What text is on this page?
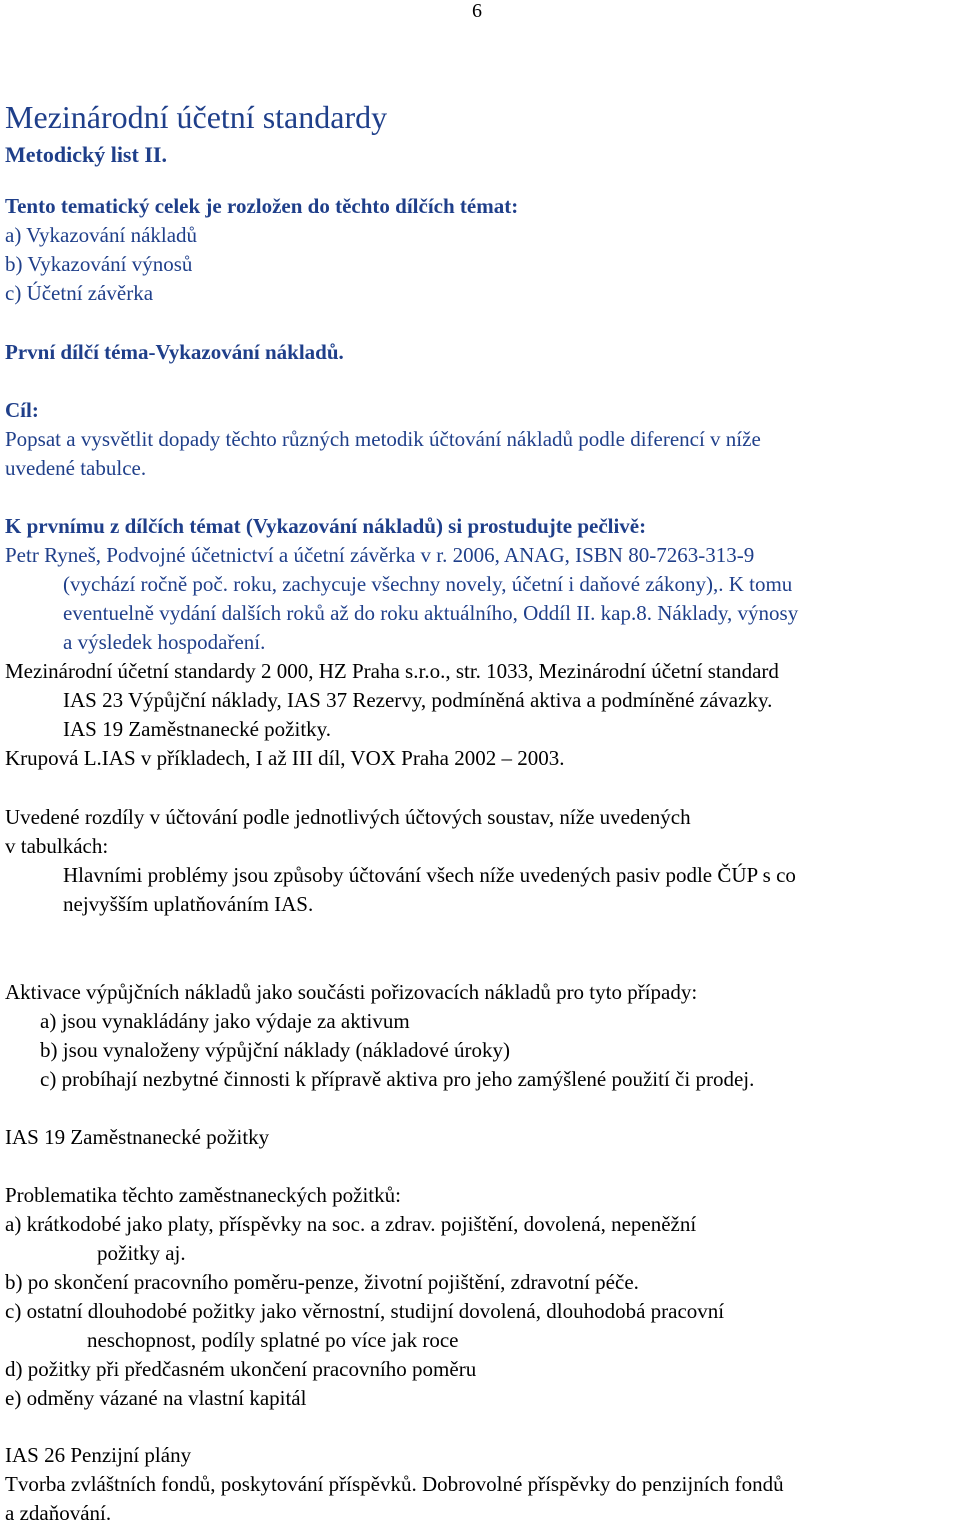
6
Mezinárodní účetní standardy
Metodický list II.
Tento tematický celek je rozložen do těchto dílčích témat:
a) Vykazování nákladů
b) Vykazování výnosů
c) Účetní závěrka
První dílčí téma-Vykazování nákladů.
Cíl:
Popsat a vysvětlit dopady těchto různých metodik účtování nákladů podle diferencí v níže
uvedené tabulce.
K prvnímu z dílčích témat (Vykazování nákladů) si prostudujte pečlivě:
Petr Ryneš, Podvojné účetnictví a účetní závěrka v r. 2006, ANAG, ISBN 80-7263-313-9
(vychází ročně poč. roku, zachycuje všechny novely, účetní i daňové zákony),. K tomu
eventuelně vydání dalších roků až do roku aktuálního, Oddíl II. kap.8. Náklady, výnosy
a výsledek hospodaření.
Mezinárodní účetní standardy 2 000, HZ Praha s.r.o., str. 1033, Mezinárodní účetní standard
IAS 23 Výpůjční náklady, IAS 37 Rezervy, podmíněná aktiva a podmíněné závazky.
IAS 19 Zaměstnanecké požitky.
Krupová L.IAS v příkladech, I až III díl, VOX Praha 2002 – 2003.
Uvedené rozdíly v účtování podle jednotlivých účtových soustav, níže uvedených
v tabulkách:
Hlavními problémy jsou způsoby účtování všech níže uvedených pasiv podle ČÚP s co
nejvyšším uplatňováním IAS.
Aktivace výpůjčních nákladů jako součásti pořizovacích nákladů pro tyto případy:
a) jsou vynakládány jako výdaje za aktivum
b) jsou vynaloženy výpůjční náklady (nákladové úroky)
c) probíhají nezbytné činnosti k přípravě aktiva pro jeho zamýšlené použití či prodej.
IAS 19 Zaměstnanecké požitky
Problematika těchto zaměstnaneckých požitků:
a) krátkodobé jako platy, příspěvky na soc. a zdrav. pojištění, dovolená, nepeněžní
požitky aj.
b) po skončení pracovního poměru-penze, životní pojištění, zdravotní péče.
c) ostatní dlouhodobé požitky jako věrnostní, studijní dovolená, dlouhodobá pracovní
neschopnost, podíly splatné po více jak roce
d) požitky při předčasném ukončení pracovního poměru
e) odměny vázané na vlastní kapitál
IAS 26 Penzijní plány
Tvorba zvláštních fondů, poskytování příspěvků. Dobrovolné příspěvky do penzijních fondů
a zdaňování.
